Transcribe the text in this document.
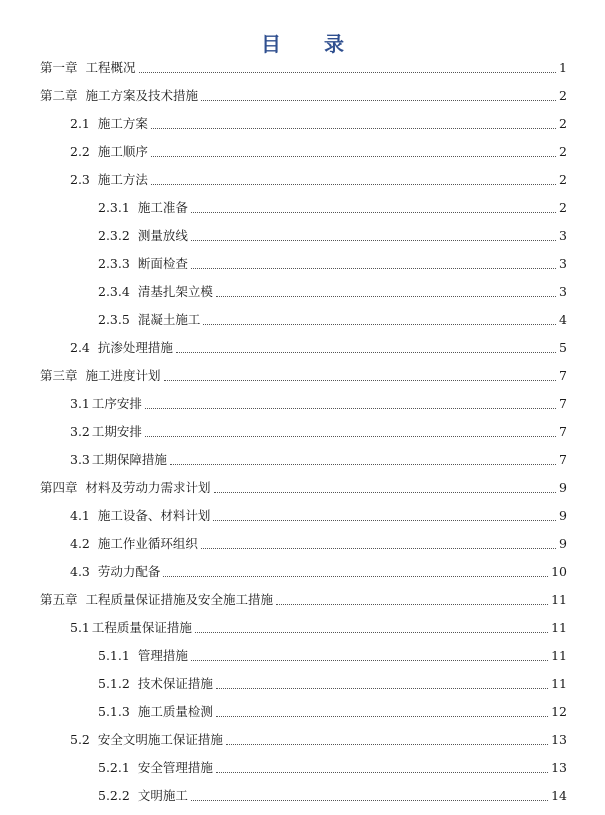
目 录
第一章 工程概况	1
第二章 施工方案及技术措施	2
2.1 施工方案	2
2.2 施工顺序	2
2.3 施工方法	2
2.3.1 施工准备	2
2.3.2 测量放线	3
2.3.3 断面检查	3
2.3.4 清基扎架立模	3
2.3.5 混凝土施工	4
2.4 抗渗处理措施	5
第三章 施工进度计划	7
3.1 工序安排	7
3.2 工期安排	7
3.3 工期保障措施	7
第四章 材料及劳动力需求计划	9
4.1 施工设备、材料计划	9
4.2 施工作业循环组织	9
4.3 劳动力配备	10
第五章 工程质量保证措施及安全施工措施	11
5.1 工程质量保证措施	11
5.1.1 管理措施	11
5.1.2 技术保证措施	11
5.1.3 施工质量检测	12
5.2 安全文明施工保证措施	13
5.2.1 安全管理措施	13
5.2.2 文明施工	14
